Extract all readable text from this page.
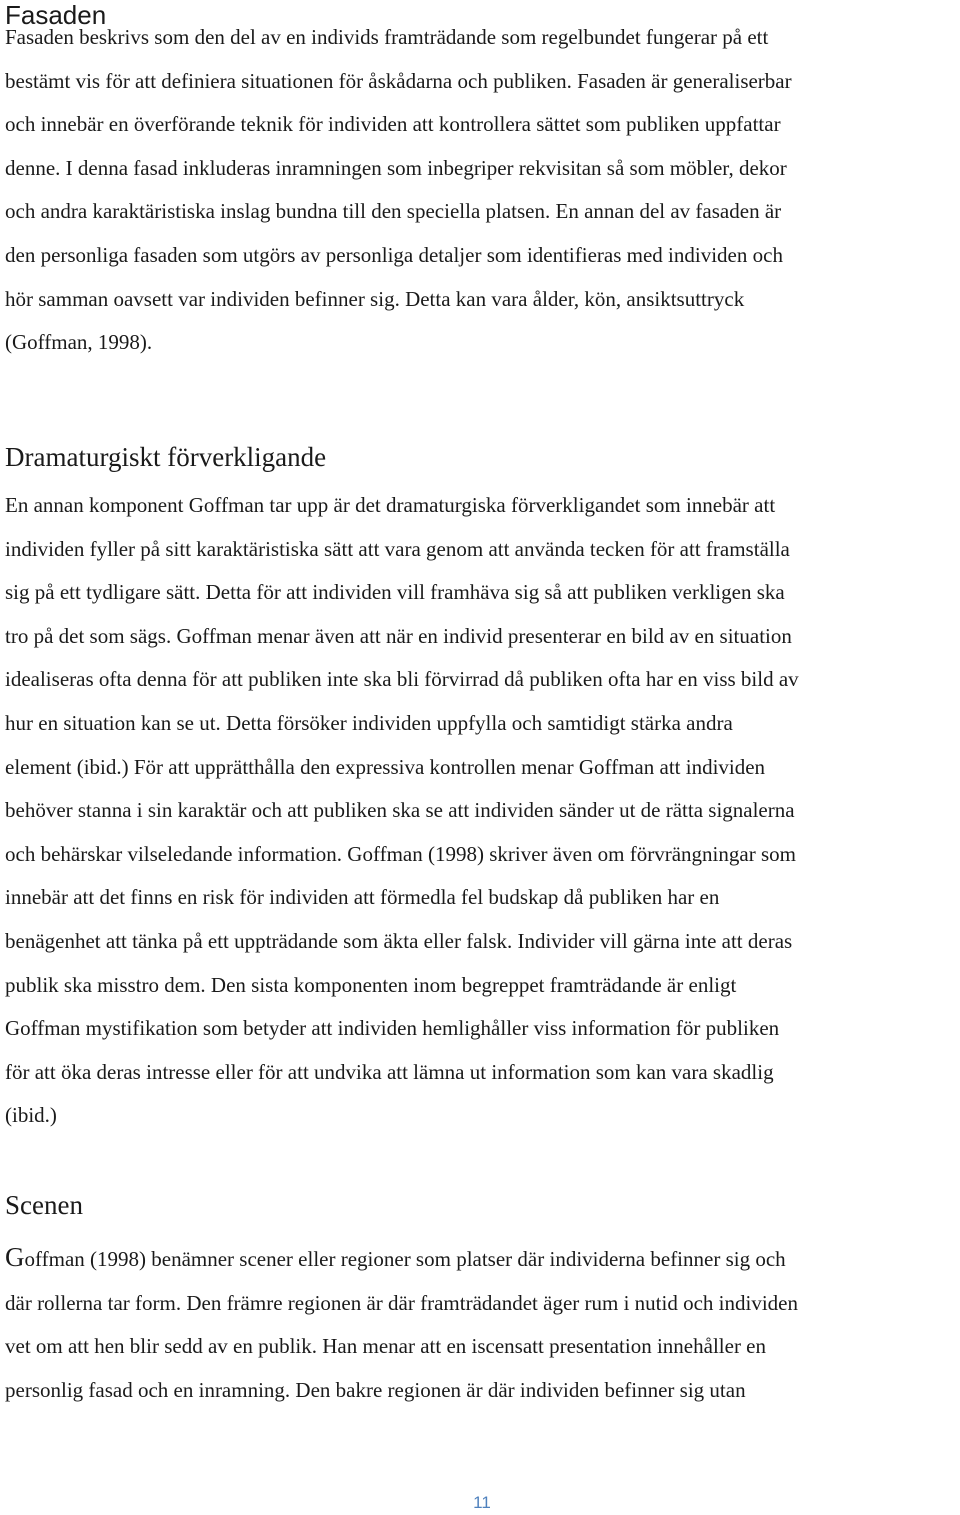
Fasaden
Fasaden beskrivs som den del av en individs framträdande som regelbundet fungerar på ett
bestämt vis för att definiera situationen för åskådarna och publiken. Fasaden är generaliserbar
och innebär en överförande teknik för individen att kontrollera sättet som publiken uppfattar
denne. I denna fasad inkluderas inramningen som inbegriper rekvisitan så som möbler, dekor
och andra karaktäristiska inslag bundna till den speciella platsen. En annan del av fasaden är
den personliga fasaden som utgörs av personliga detaljer som identifieras med individen och
hör samman oavsett var individen befinner sig. Detta kan vara ålder, kön, ansiktsuttryck
(Goffman, 1998).
Dramaturgiskt förverkligande
En annan komponent Goffman tar upp är det dramaturgiska förverkligandet som innebär att
individen fyller på sitt karaktäristiska sätt att vara genom att använda tecken för att framställa
sig på ett tydligare sätt. Detta för att individen vill framhäva sig så att publiken verkligen ska
tro på det som sägs. Goffman menar även att när en individ presenterar en bild av en situation
idealiseras ofta denna för att publiken inte ska bli förvirrad då publiken ofta har en viss bild av
hur en situation kan se ut. Detta försöker individen uppfylla och samtidigt stärka andra
element (ibid.) För att upprätthålla den expressiva kontrollen menar Goffman att individen
behöver stanna i sin karaktär och att publiken ska se att individen sänder ut de rätta signalerna
och behärskar vilseledande information. Goffman (1998) skriver även om förvrängningar som
innebär att det finns en risk för individen att förmedla fel budskap då publiken har en
benägenhet att tänka på ett uppträdande som äkta eller falsk. Individer vill gärna inte att deras
publik ska misstro dem. Den sista komponenten inom begreppet framträdande är enligt
Goffman mystifikation som betyder att individen hemlighåller viss information för publiken
för att öka deras intresse eller för att undvika att lämna ut information som kan vara skadlig
(ibid.)
Scenen
Goffman (1998) benämner scener eller regioner som platser där individerna befinner sig och
där rollerna tar form. Den främre regionen är där framträdandet äger rum i nutid och individen
vet om att hen blir sedd av en publik. Han menar att en iscensatt presentation innehåller en
personlig fasad och en inramning. Den bakre regionen är där individen befinner sig utan
11
